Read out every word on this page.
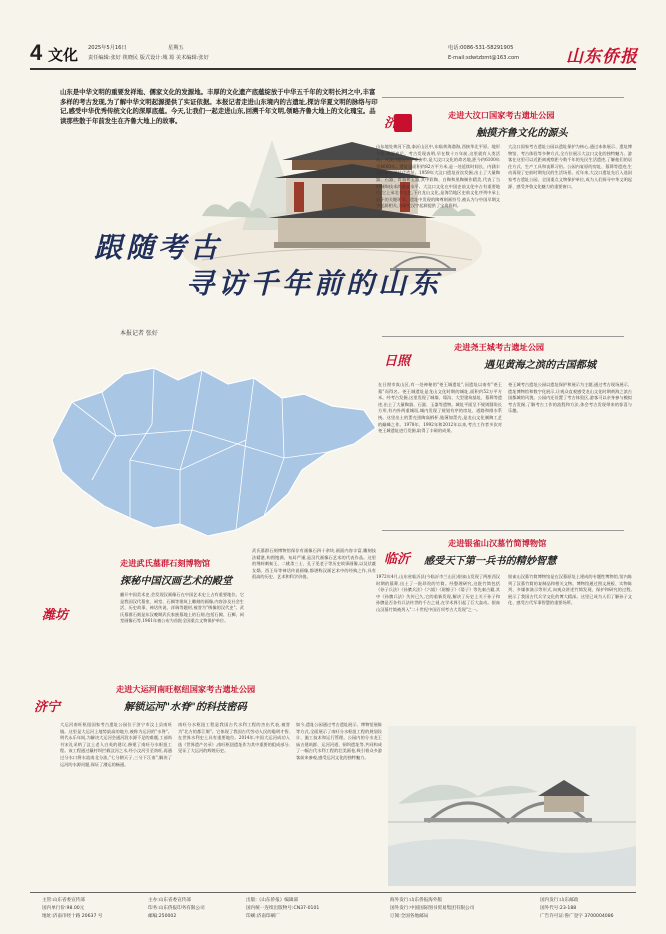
4 文化 2025年5月16日	星期五
责任编辑:张好 筷晓民 版式设计:城 筠 美术编辑:张好
电话:0086-531-58291905
E-mail:sdwtzbmt@163.com	山东侨报
山东是中华文明的重要发祥地、儒家文化的发源地。丰厚的文化遗产底蕴绽放于中华五千年的文明长河之中,丰富多样的考古发现,为了解中华文明起源提供了实证依据。本报记者走进山东境内的古遗址,探访华夏文明的脉络与印记,感受中华优秀传统文化的深厚底蕴。今天,让我们一起走进山东,回溯千年文明,领略齐鲁大地上的文化瑰宝。品读那些散于年前发生在齐鲁大地上的故事。
跟随考古
寻访千年前的山东
本报记者 张好
济南
走进大汶口国家考古遗址公园
触摸齐鲁文化的源头
山东地处黄河下游,泰沂山区中,东临黄海渤海,西接华北平原。地形丰富,资源充足。考古发现表明,早在数十万年前,这里就有人类活动。大汶口遗址位于泰安市,是大汶口文化的命名地,距今约6100年至4600年。遗址总面积约82万平方米,是一处延续时间长、内涵丰富的新石器时代遗址。1959年大汶口遗址首次发掘,出土了大量陶器、石器、骨器和玉器,其中彩陶、白陶和黑陶制作精美,代表了当时制陶技术的最高水平。大汶口文化在中国史前文化中占有重要地位,它上承北辛文化,下启龙山文化,是海岱地区史前文化序列中承上启下的关键环节。遗址中发现的陶尊刻画符号,被认为与中国早期文字起源相关,为研究汉字起源提供了宝贵资料。
大汶口国家考古遗址公园以遗址保护为核心,通过本体展示、遗址博物馆、考古体验等多种方式,全方位展示大汶口文化的独特魅力。游客在这里可以近距离观察距今数千年的先民生活遗迹,了解他们的居住方式、生产工具和丧葬习俗。公园内复原的房址、墓葬等遗迹,生动再现了史前时期先民的生活场景。近年来,大汶口遗址先后入选国家考古遗址公园、全国重点文物保护单位,成为人们探寻中华文明起源、感受齐鲁文化魅力的重要窗口。
日照
走进尧王城考古遗址公园
遇见黄海之滨的古国都城
在日照市岚山区,有一处神秘的"尧王城遗址",因遗址以南有"尧王墓"而得名。尧王城遗址是龙山文化时期的城址,面积约52万平方米。经考古发掘,这里发现了城墙、壕沟、大型建筑基址、墓葬等遗迹,出土了大量陶器、石器、玉器等遗物。城址平面呈不规则圆角长方形,有内外两重城垣,城内发现了规划有序的房址、道路和排水系统。这里出土的蛋壳黑陶高柄杯,胎薄如蛋壳,是龙山文化制陶工艺的巅峰之作。1978年、1992年和2012年以来,考古工作者多次对尧王城遗址进行发掘,取得了丰硕的成果。
尧王城考古遗址公园以遗址保护和展示为主题,通过考古现场展示、遗址博物馆和数字化展示,让观众直观感受龙山文化时期黄海之滨古国都城的风貌。公园内还设置了考古体验区,游客可以亲身参与模拟考古发掘,了解考古工作的流程和方法,体会考古发现带来的惊喜与乐趣。
临沂
走进银雀山汉墓竹简博物馆
感受天下第一兵书的精妙智慧
1972年4月,山东省临沂县(今临沂市兰山区)银雀山发现了两座西汉时期的墓葬,出土了一批珍贵的竹简。经整理研究,这批竹简包括《孙子兵法》《孙膑兵法》《六韬》《尉缭子》《晏子》等先秦古籍,其中《孙膑兵法》失传已久,它的重新发现,解决了历史上关于孙子和孙膑是否各有兵法传世的千古之谜,在学术界引起了巨大轰动。银雀山汉墓竹简被列入"二十世纪中国百项考古大发现"之一。
银雀山汉墓竹简博物馆是在汉墓原址上建成的专题性博物馆,馆内陈列了汉墓竹简的复制品和相关文物。博物馆通过图文展板、实物陈列、多媒体演示等形式,向观众讲述竹简发现、保护和研究的过程,展示了我国古代兵学文化的博大精深。这里已成为人们了解孙子文化、感受古代军事智慧的重要场所。
走进武氏墓群石刻博物馆
探秘中国汉画艺术的殿堂
潍坊
翻开中国美术史,会发现汉画像石在中国艺术史上占有重要地位。它是我国汉代墓室、祠堂、石阙等建筑上雕刻的画像,内容涉及社会生活、历史故事、神话传说、祥瑞等题材,被誉为"绣像的汉代史"。武氏墓群石刻是东汉晚期武氏家族墓地上的石刻,包括石阙、石狮、祠堂画像石等,1961年被公布为首批全国重点文物保护单位。
武氏墓群石刻博物馆保存有画像石四十余块,画面内容丰富,雕刻技法精湛,构图饱满、布局严谨,是汉代画像石艺术的代表作品。这里的荆轲刺秦王、二桃杀三士、孔子见老子等历史故事画像,以及伏羲女娲、西王母等神话传说画像,都堪称汉画艺术中的经典之作,具有很高的历史、艺术和科学价值。
济宁
走进大运河南旺枢纽国家考古遗址公园
解锁运河"水脊"的科技密码
大运河南旺枢纽国家考古遗址公园位于济宁市汶上县南旺镇。这里是大运河上地势最高的地方,被称为运河的"水脊"。明代永乐年间,为解决大运河会通河段水源不足的难题,工部尚书宋礼采纳了汶上老人白英的建议,修建了南旺分水枢纽工程。该工程通过戴村坝拦截汶河之水,经小汶河引至南旺,再通过分水口将水流南北分流,"七分朝天子,三分下江南",解决了运河的水源问题,保证了漕运的畅通。
南旺分水枢纽工程是我国古代水利工程的杰出代表,被誉为"北方的都江堰"。它体现了我国古代劳动人民的聪明才智,在世界水利史上具有重要地位。2014年,中国大运河成功入选《世界遗产名录》,南旺枢纽遗址作为其中重要的组成部分,见证了大运河的辉煌历史。
如今,遗址公园通过考古遗址展示、博物馆展陈等方式,全面展示了南旺分水枢纽工程的规划设计、施工技术和运行管理。公园内的分水龙王庙古建筑群、运河河道、闸坝遗址等,共同构成了一幅古代水利工程的壮美画卷,吸引着众多游客前来参观,感受运河文化的独特魅力。
主管:山东省委宣传部
国内单行价:98.00元
地址:济南市经十路 20637 号
主办:山东省委宣传部
印务:山东侨报印务有限公司
邮编:250002
出版:《山东侨报》编辑部
国内统一连续出版物号:CN37-0101
印刷:济南印刷厂
海外发行:山东侨报海外版
国外发行:中国国际图书贸易集团有限公司
订阅:全国各地邮局
国内发行:山东邮政
国外代号:23-188
广告许可证:鲁广登字 3700004086
